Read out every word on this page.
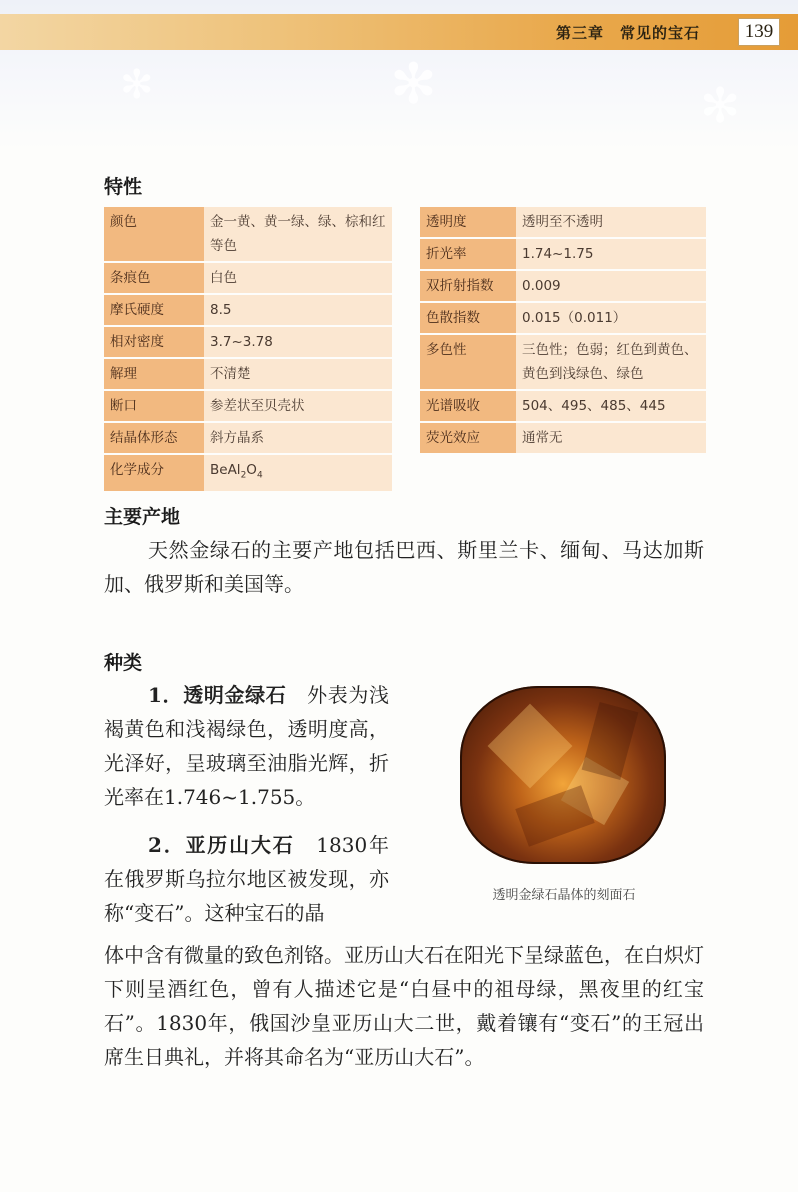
✻	✻	✻
第三章　常见的宝石	139
特性
颜色	金一黄、黄一绿、绿、棕和红等色
条痕色	白色
摩氏硬度	8.5
相对密度	3.7~3.78
解理	不清楚
断口	参差状至贝壳状
结晶体形态	斜方晶系
化学成分	$BeAl_2O_4$
透明度	透明至不透明
折光率	1.74~1.75
双折射指数	0.009
色散指数	0.015（0.011）
多色性	三色性；色弱；红色到黄色、黄色到浅绿色、绿色
光谱吸收	504、495、485、445
荧光效应	通常无
主要产地

天然金绿石的主要产地包括巴西、斯里兰卡、缅甸、马达加斯加、俄罗斯和美国等。

种类

1．透明金绿石　 外表为浅褐黄色和浅褐绿色，透明度高，光泽好，呈玻璃至油脂光辉，折光率在1.746~1.755。

2．亚历山大石　 1830年在俄罗斯乌拉尔地区被发现，亦称“变石”。这种宝石的晶

体中含有微量的致色剂铬。亚历山大石在阳光下呈绿蓝色，在白炽灯下则呈酒红色，曾有人描述它是“白昼中的祖母绿，黑夜里的红宝石”。1830年，俄国沙皇亚历山大二世，戴着镶有“变石”的王冠出席生日典礼，并将其命名为“亚历山大石”。

透明金绿石晶体的刻面石
